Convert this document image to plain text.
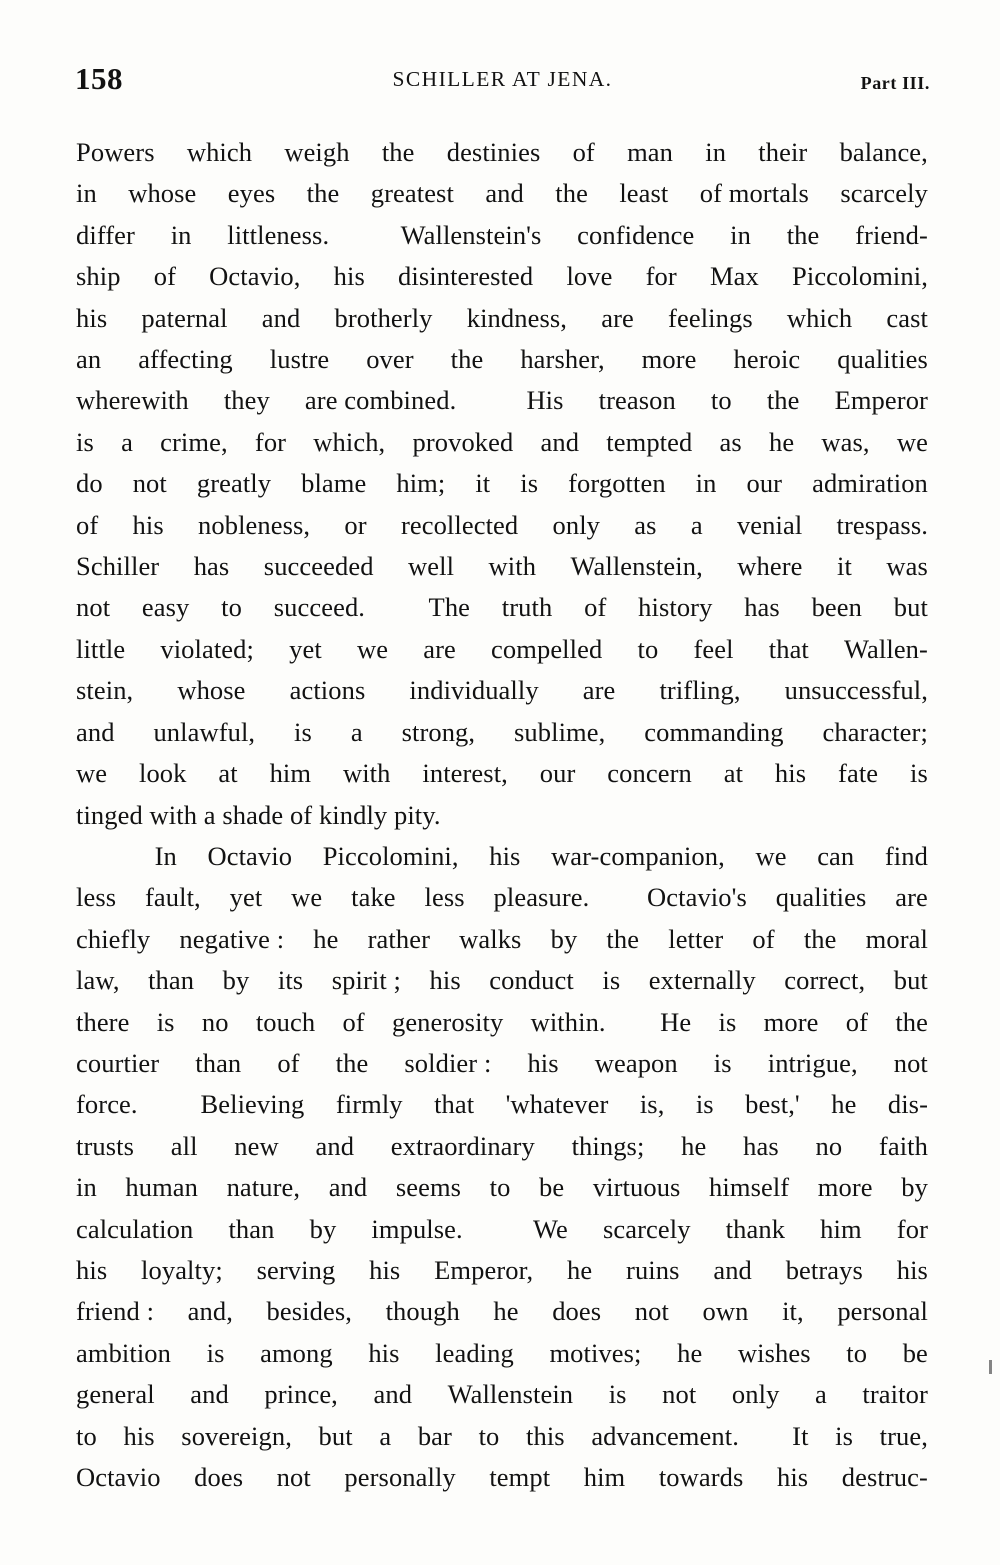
158	SCHILLER AT JENA.	Part III.
Powers which weigh the destinies of man in their balance,
in whose eyes the greatest and the least of mortals scarcely
differ in littleness.	Wallenstein's confidence in the friend-
ship of Octavio, his disinterested love for Max Piccolomini,
his paternal and brotherly kindness, are feelings which cast
an affecting lustre over the harsher, more heroic qualities
wherewith they are combined.	His treason to the Emperor
is a crime, for which, provoked and tempted as he was, we
do not greatly blame him; it is forgotten in our admiration
of his nobleness, or recollected only as a venial trespass.
Schiller has succeeded well with Wallenstein, where it was
not easy to succeed. The truth of history has been but
little violated; yet we are compelled to feel that Wallen-
stein, whose actions individually are trifling, unsuccessful,
and unlawful, is a strong, sublime, commanding character;
we look at him with interest, our concern at his fate is
tinged with a shade of kindly pity.
In Octavio Piccolomini, his war-companion, we can find
less fault, yet we take less pleasure. Octavio's qualities are
chiefly negative : he rather walks by the letter of the moral
law, than by its spirit ; his conduct is externally correct, but
there is no touch of generosity within. He is more of the
courtier than of the soldier : his weapon is intrigue, not
force. Believing firmly that 'whatever is, is best,' he dis-
trusts all new and extraordinary things; he has no faith
in human nature, and seems to be virtuous himself more by
calculation than by impulse.	We scarcely thank him for
his loyalty; serving his Emperor, he ruins and betrays his
friend : and, besides, though he does not own it, personal
ambition is among his leading motives; he wishes to be
general and prince, and Wallenstein is not only a traitor
to his sovereign, but a bar to this advancement. It is true,
Octavio does not personally tempt him towards his destruc-
